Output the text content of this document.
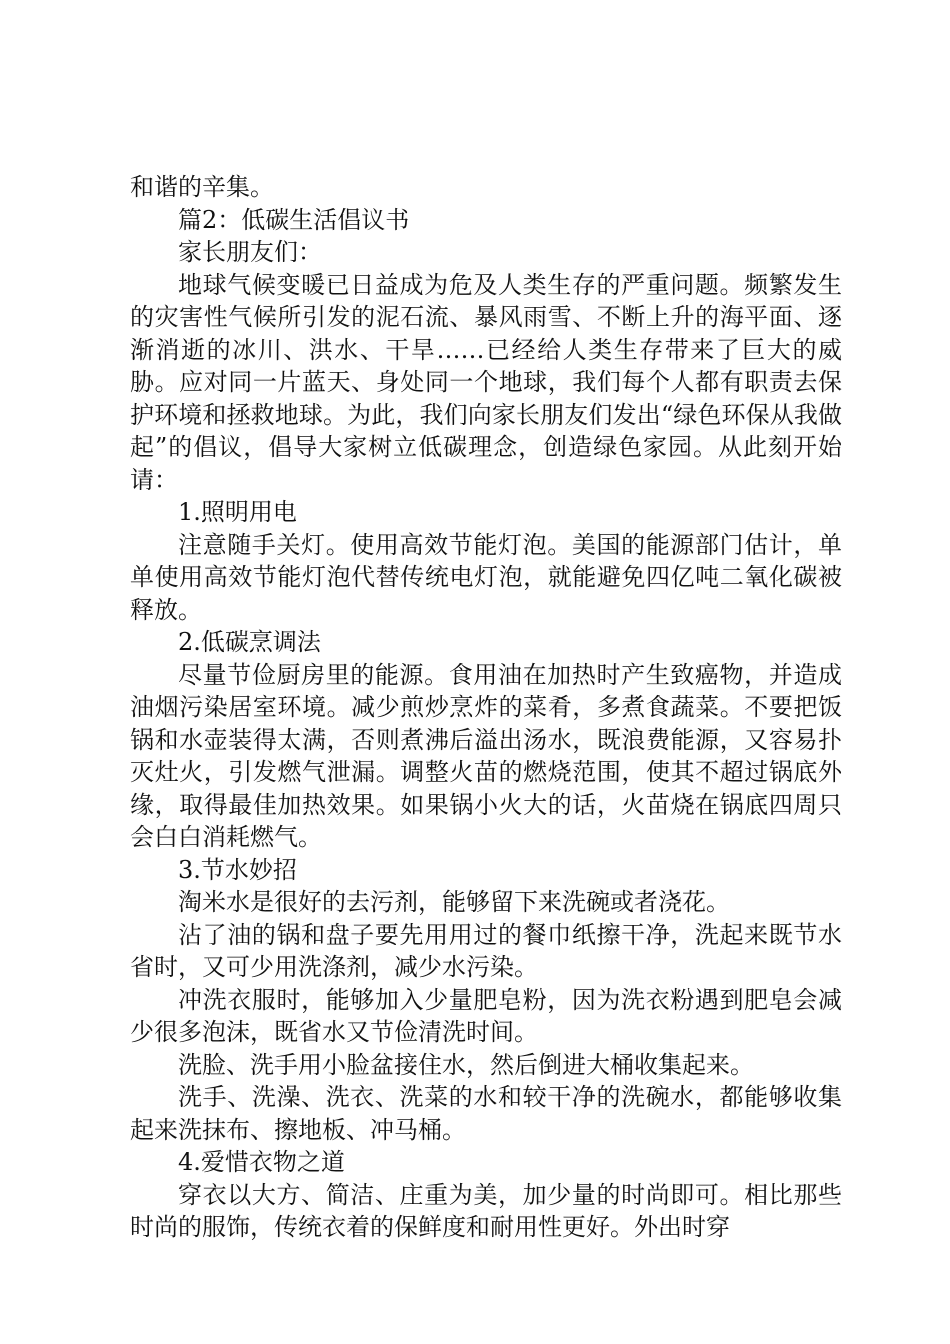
和谐的辛集。

篇2：低碳生活倡议书

家长朋友们：

地球气候变暖已日益成为危及人类生存的严重问题。频繁发生的灾害性气候所引发的泥石流、暴风雨雪、不断上升的海平面、逐渐消逝的冰川、洪水、干旱……已经给人类生存带来了巨大的威胁。应对同一片蓝天、身处同一个地球，我们每个人都有职责去保护环境和拯救地球。为此，我们向家长朋友们发出“绿色环保从我做起”的倡议，倡导大家树立低碳理念，创造绿色家园。从此刻开始请：

1.照明用电

注意随手关灯。使用高效节能灯泡。美国的能源部门估计，单单使用高效节能灯泡代替传统电灯泡，就能避免四亿吨二氧化碳被释放。

2.低碳烹调法

尽量节俭厨房里的能源。食用油在加热时产生致癌物，并造成油烟污染居室环境。减少煎炒烹炸的菜肴，多煮食蔬菜。不要把饭锅和水壶装得太满，否则煮沸后溢出汤水，既浪费能源，又容易扑灭灶火，引发燃气泄漏。调整火苗的燃烧范围，使其不超过锅底外缘，取得最佳加热效果。如果锅小火大的话，火苗烧在锅底四周只会白白消耗燃气。

3.节水妙招

淘米水是很好的去污剂，能够留下来洗碗或者浇花。

沾了油的锅和盘子要先用用过的餐巾纸擦干净，洗起来既节水省时，又可少用洗涤剂，减少水污染。

冲洗衣服时，能够加入少量肥皂粉，因为洗衣粉遇到肥皂会减少很多泡沫，既省水又节俭清洗时间。

洗脸、洗手用小脸盆接住水，然后倒进大桶收集起来。

洗手、洗澡、洗衣、洗菜的水和较干净的洗碗水，都能够收集起来洗抹布、擦地板、冲马桶。

4.爱惜衣物之道

穿衣以大方、简洁、庄重为美，加少量的时尚即可。相比那些时尚的服饰，传统衣着的保鲜度和耐用性更好。外出时穿
